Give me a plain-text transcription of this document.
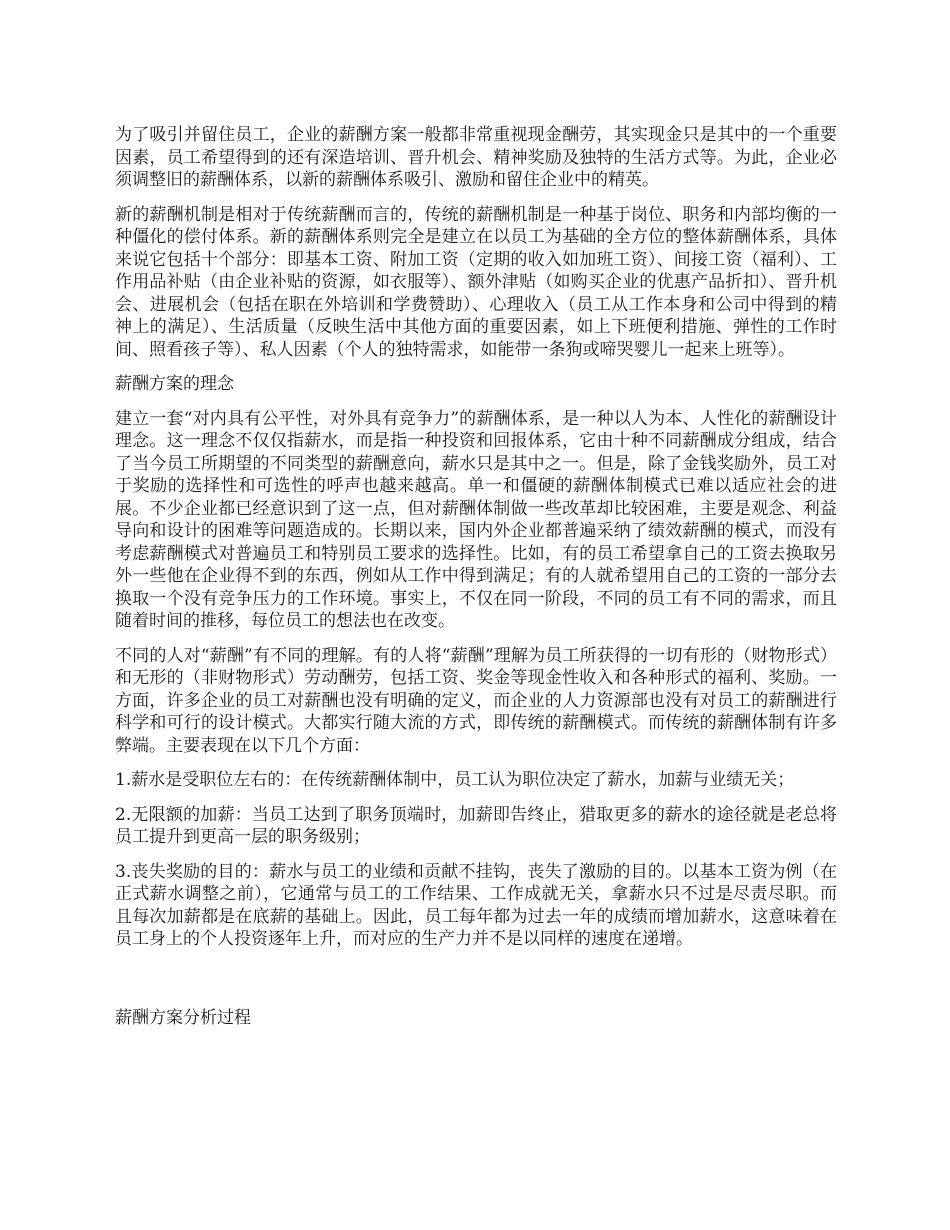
为了吸引并留住员工，企业的薪酬方案一般都非常重视现金酬劳，其实现金只是其中的一个重要因素，员工希望得到的还有深造培训、晋升机会、精神奖励及独特的生活方式等。为此，企业必须调整旧的薪酬体系，以新的薪酬体系吸引、激励和留住企业中的精英。

新的薪酬机制是相对于传统薪酬而言的，传统的薪酬机制是一种基于岗位、职务和内部均衡的一种僵化的偿付体系。新的薪酬体系则完全是建立在以员工为基础的全方位的整体薪酬体系，具体来说它包括十个部分：即基本工资、附加工资（定期的收入如加班工资）、间接工资（福利）、工作用品补贴（由企业补贴的资源，如衣服等）、额外津贴（如购买企业的优惠产品折扣）、晋升机会、进展机会（包括在职在外培训和学费赞助）、心理收入（员工从工作本身和公司中得到的精神上的满足）、生活质量（反映生活中其他方面的重要因素，如上下班便利措施、弹性的工作时间、照看孩子等）、私人因素（个人的独特需求，如能带一条狗或啼哭婴儿一起来上班等）。

薪酬方案的理念

建立一套“对内具有公平性，对外具有竞争力”的薪酬体系，是一种以人为本、人性化的薪酬设计理念。这一理念不仅仅指薪水，而是指一种投资和回报体系，它由十种不同薪酬成分组成，结合了当今员工所期望的不同类型的薪酬意向，薪水只是其中之一。但是，除了金钱奖励外，员工对于奖励的选择性和可选性的呼声也越来越高。单一和僵硬的薪酬体制模式已难以适应社会的进展。不少企业都已经意识到了这一点，但对薪酬体制做一些改革却比较困难，主要是观念、利益导向和设计的困难等问题造成的。长期以来，国内外企业都普遍采纳了绩效薪酬的模式，而没有考虑薪酬模式对普遍员工和特别员工要求的选择性。比如，有的员工希望拿自己的工资去换取另外一些他在企业得不到的东西，例如从工作中得到满足；有的人就希望用自己的工资的一部分去换取一个没有竞争压力的工作环境。事实上，不仅在同一阶段，不同的员工有不同的需求，而且随着时间的推移，每位员工的想法也在改变。

不同的人对“薪酬”有不同的理解。有的人将“薪酬”理解为员工所获得的一切有形的（财物形式）和无形的（非财物形式）劳动酬劳，包括工资、奖金等现金性收入和各种形式的福利、奖励。一方面，许多企业的员工对薪酬也没有明确的定义，而企业的人力资源部也没有对员工的薪酬进行科学和可行的设计模式。大都实行随大流的方式，即传统的薪酬模式。而传统的薪酬体制有许多弊端。主要表现在以下几个方面：

1.薪水是受职位左右的：在传统薪酬体制中，员工认为职位决定了薪水，加薪与业绩无关；

2.无限额的加薪：当员工达到了职务顶端时，加薪即告终止，猎取更多的薪水的途径就是老总将员工提升到更高一层的职务级别；

3.丧失奖励的目的：薪水与员工的业绩和贡献不挂钩，丧失了激励的目的。以基本工资为例（在正式薪水调整之前），它通常与员工的工作结果、工作成就无关，拿薪水只不过是尽责尽职。而且每次加薪都是在底薪的基础上。因此，员工每年都为过去一年的成绩而增加薪水，这意味着在员工身上的个人投资逐年上升，而对应的生产力并不是以同样的速度在递增。

薪酬方案分析过程
